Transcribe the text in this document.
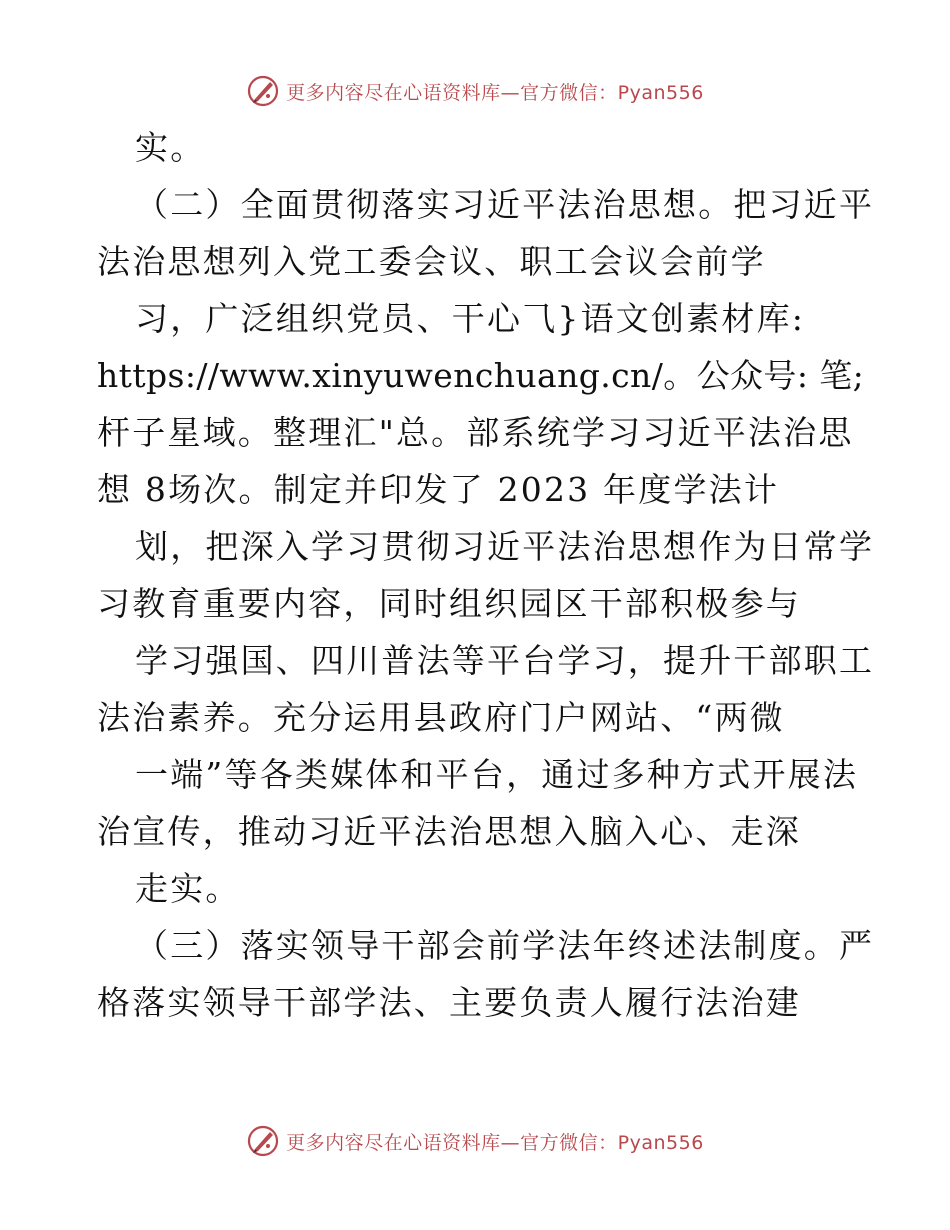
更多内容尽在心语资料库—官方微信：Pyan556
实。
（二）全面贯彻落实习近平法治思想。把习近平
法治思想列入党工委会议、职工会议会前学
习，广泛组织党员、干心⺄}语文创素材库:
https://www.xinyuwenchuang.cn/。公众号: 笔;
杆子星域。整理汇"总。部系统学习习近平法治思
想 8场次。制定并印发了 2023 年度学法计
划，把深入学习贯彻习近平法治思想作为日常学
习教育重要内容，同时组织园区干部积极参与
学习强国、四川普法等平台学习，提升干部职工
法治素养。充分运用县政府门户网站、“两微
一端”等各类媒体和平台，通过多种方式开展法
治宣传，推动习近平法治思想入脑入心、走深
走实。
（三）落实领导干部会前学法年终述法制度。严
格落实领导干部学法、主要负责人履行法治建
更多内容尽在心语资料库—官方微信：Pyan556
